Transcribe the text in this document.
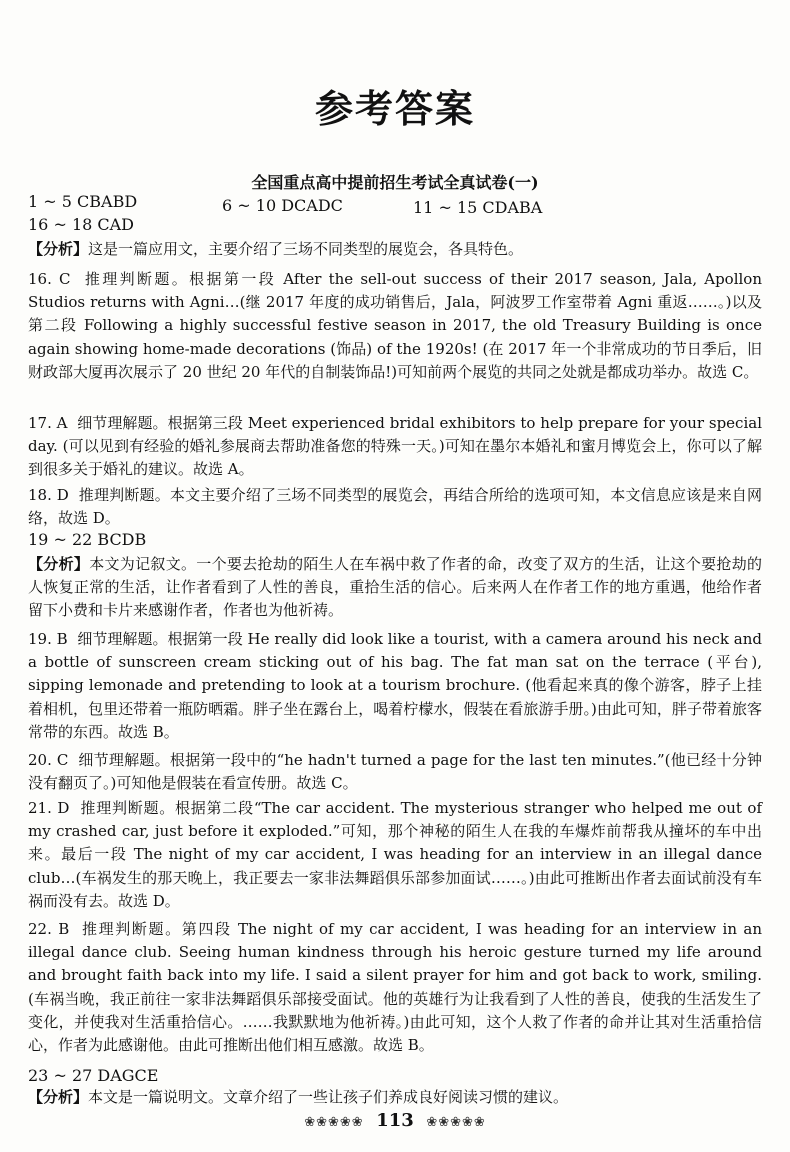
参考答案
全国重点高中提前招生考试全真试卷(一)
1 ~ 5 CBABD	6 ~ 10 DCADC	11 ~ 15 CDABA
16 ~ 18 CAD
【分析】这是一篇应用文，主要介绍了三场不同类型的展览会，各具特色。
16. C 推理判断题。根据第一段 After the sell-out success of their 2017 season, Jala, Apollon Studios returns with Agni…(继 2017 年度的成功销售后，Jala，阿波罗工作室带着 Agni 重返……。)以及第二段 Following a highly successful festive season in 2017, the old Treasury Building is once again showing home-made decorations (饰品) of the 1920s! (在 2017 年一个非常成功的节日季后，旧财政部大厦再次展示了 20 世纪 20 年代的自制装饰品!)可知前两个展览的共同之处就是都成功举办。故选 C。
17. A 细节理解题。根据第三段 Meet experienced bridal exhibitors to help prepare for your special day. (可以见到有经验的婚礼参展商去帮助准备您的特殊一天。)可知在墨尔本婚礼和蜜月博览会上，你可以了解到很多关于婚礼的建议。故选 A。
18. D 推理判断题。本文主要介绍了三场不同类型的展览会，再结合所给的选项可知，本文信息应该是来自网络，故选 D。
19 ~ 22 BCDB
【分析】本文为记叙文。一个要去抢劫的陌生人在车祸中救了作者的命，改变了双方的生活，让这个要抢劫的人恢复正常的生活，让作者看到了人性的善良，重拾生活的信心。后来两人在作者工作的地方重遇，他给作者留下小费和卡片来感谢作者，作者也为他祈祷。
19. B 细节理解题。根据第一段 He really did look like a tourist, with a camera around his neck and a bottle of sunscreen cream sticking out of his bag. The fat man sat on the terrace (平台), sipping lemonade and pretending to look at a tourism brochure. (他看起来真的像个游客，脖子上挂着相机，包里还带着一瓶防晒霜。胖子坐在露台上，喝着柠檬水，假装在看旅游手册。)由此可知，胖子带着旅客常带的东西。故选 B。
20. C 细节理解题。根据第一段中的“he hadn't turned a page for the last ten minutes.”(他已经十分钟没有翻页了。)可知他是假装在看宣传册。故选 C。
21. D 推理判断题。根据第二段“The car accident. The mysterious stranger who helped me out of my crashed car, just before it exploded.”可知，那个神秘的陌生人在我的车爆炸前帮我从撞坏的车中出来。最后一段 The night of my car accident, I was heading for an interview in an illegal dance club…(车祸发生的那天晚上，我正要去一家非法舞蹈俱乐部参加面试……。)由此可推断出作者去面试前没有车祸而没有去。故选 D。
22. B 推理判断题。第四段 The night of my car accident, I was heading for an interview in an illegal dance club. Seeing human kindness through his heroic gesture turned my life around and brought faith back into my life. I said a silent prayer for him and got back to work, smiling. (车祸当晚，我正前往一家非法舞蹈俱乐部接受面试。他的英雄行为让我看到了人性的善良，使我的生活发生了变化，并使我对生活重拾信心。……我默默地为他祈祷。)由此可知，这个人救了作者的命并让其对生活重拾信心，作者为此感谢他。由此可推断出他们相互感激。故选 B。
23 ~ 27 DAGCE
【分析】本文是一篇说明文。文章介绍了一些让孩子们养成良好阅读习惯的建议。
❀❀❀❀❀ 113 ❀❀❀❀❀
